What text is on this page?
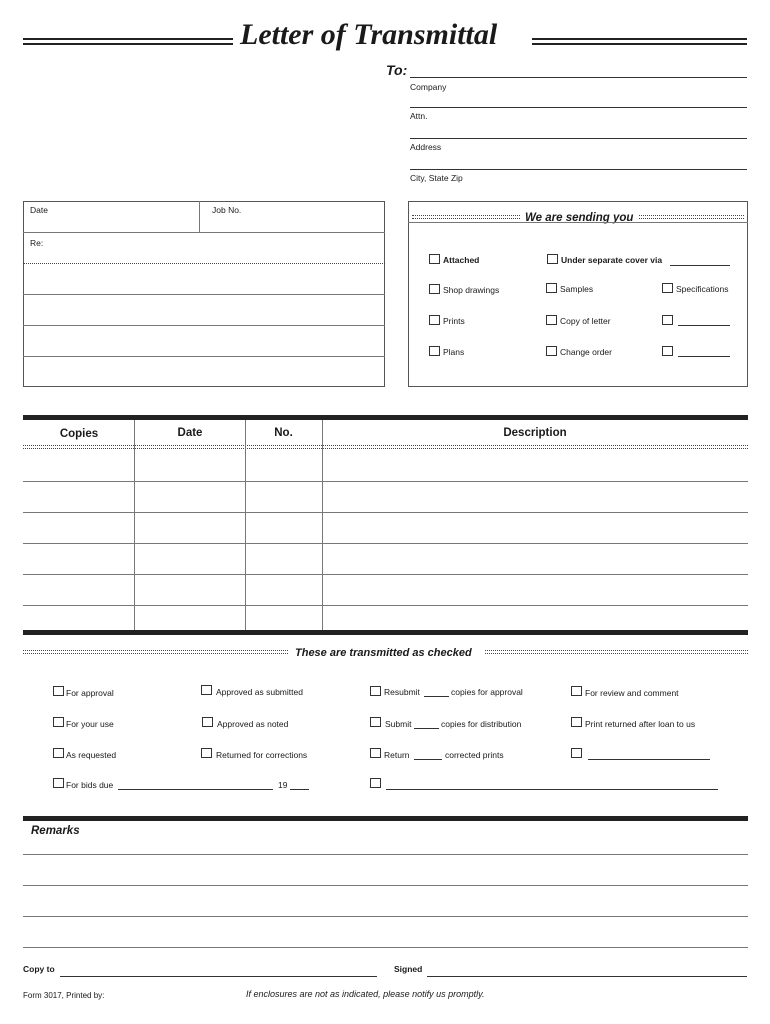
Letter of Transmittal
To:
Company
Attn.
Address
City, State Zip
Date	Job No.
Re:
We are sending you
Attached	Under separate cover via
Shop drawings	Samples	Specifications
Prints	Copy of letter
Plans	Change order
Copies	Date	No.	Description
These are transmitted as checked
For approval	Approved as submitted	Resubmit	copies for approval	For review and comment
For your use	Approved as noted	Submit	copies for distribution	Print returned after loan to us
As requested	Returned for corrections	Return	corrected prints
For bids due	19
Remarks
Copy to	Signed
Form 3017, Printed by:	If enclosures are not as indicated, please notify us promptly.
